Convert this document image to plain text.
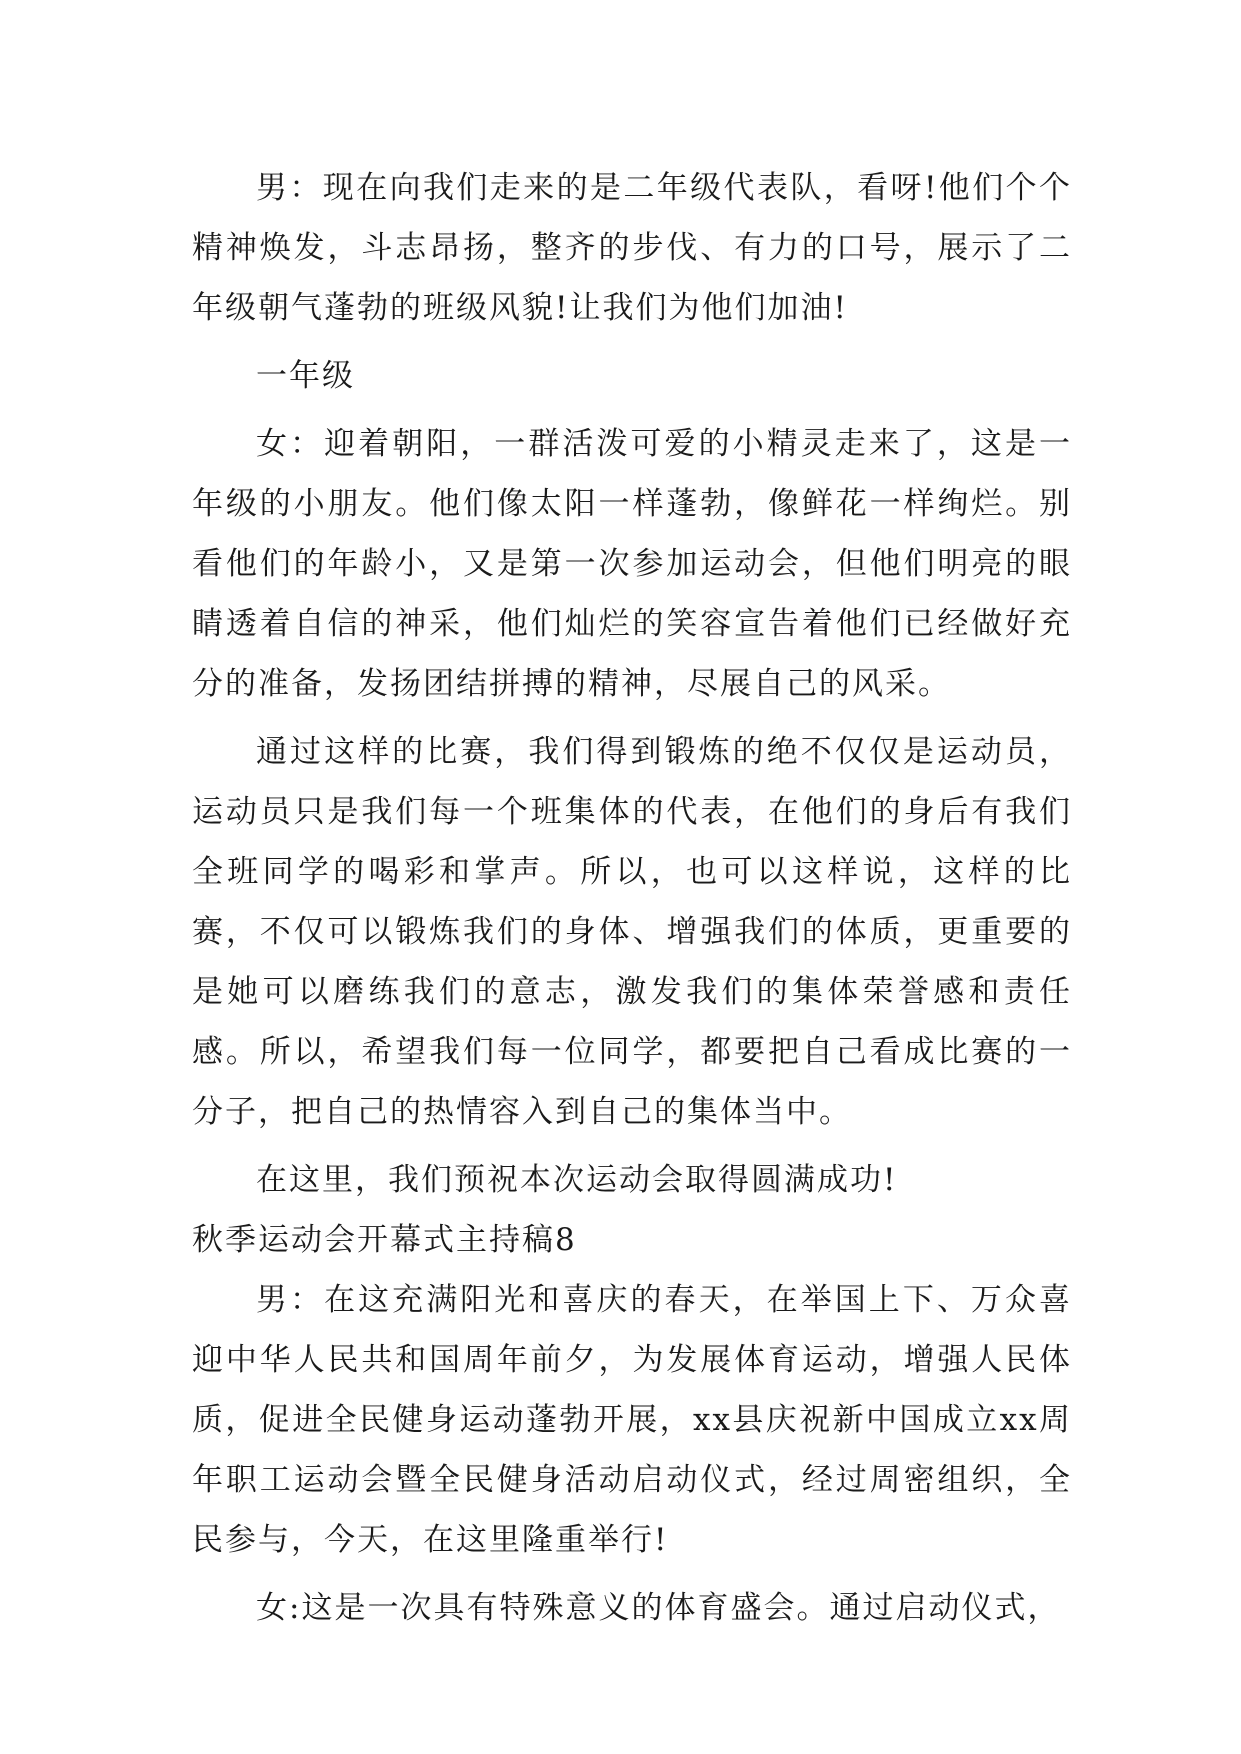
男：现在向我们走来的是二年级代表队，看呀!他们个个精神焕发，斗志昂扬，整齐的步伐、有力的口号，展示了二年级朝气蓬勃的班级风貌!让我们为他们加油!

一年级

女：迎着朝阳，一群活泼可爱的小精灵走来了，这是一年级的小朋友。他们像太阳一样蓬勃，像鲜花一样绚烂。别看他们的年龄小，又是第一次参加运动会，但他们明亮的眼睛透着自信的神采，他们灿烂的笑容宣告着他们已经做好充分的准备，发扬团结拼搏的精神，尽展自己的风采。

通过这样的比赛，我们得到锻炼的绝不仅仅是运动员，运动员只是我们每一个班集体的代表，在他们的身后有我们全班同学的喝彩和掌声。所以，也可以这样说，这样的比赛，不仅可以锻炼我们的身体、增强我们的体质，更重要的是她可以磨练我们的意志，激发我们的集体荣誉感和责任感。所以，希望我们每一位同学，都要把自己看成比赛的一分子，把自己的热情容入到自己的集体当中。

在这里，我们预祝本次运动会取得圆满成功!

秋季运动会开幕式主持稿8

男：在这充满阳光和喜庆的春天，在举国上下、万众喜迎中华人民共和国周年前夕，为发展体育运动，增强人民体质，促进全民健身运动蓬勃开展，xx县庆祝新中国成立xx周年职工运动会暨全民健身活动启动仪式，经过周密组织，全民参与，今天，在这里隆重举行!

女:这是一次具有特殊意义的体育盛会。通过启动仪式，
